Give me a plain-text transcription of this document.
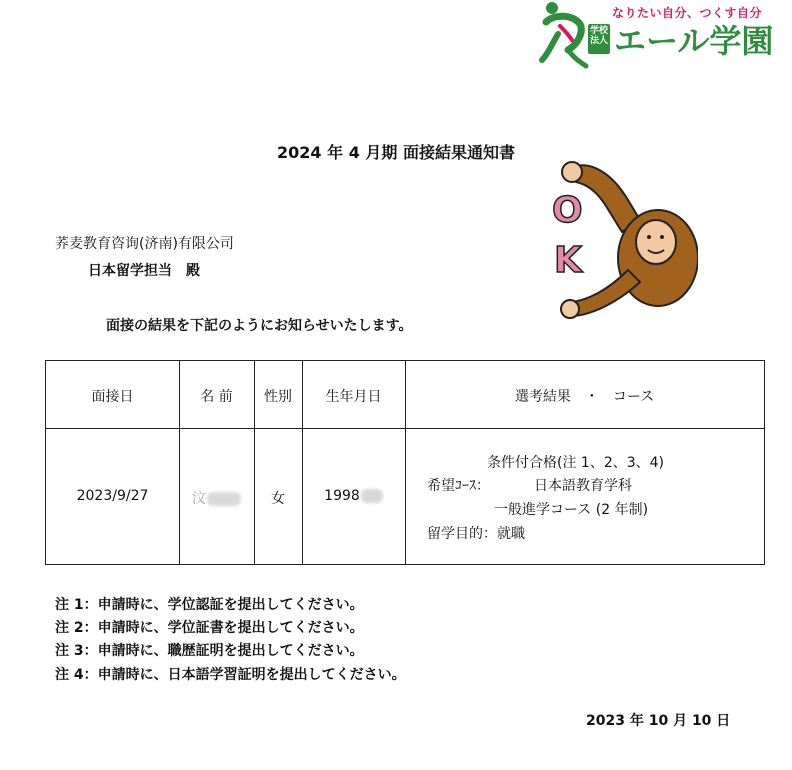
なりたい自分、つくす自分
学校法人 エール学園
2024 年 4 月期 面接結果通知書
O
K
荞麦教育咨询(济南)有限公司
日本留学担当　殿
面接の結果を下記のようにお知らせいたします。
面接日	名 前	性別	生年月日	選考結果　・　コース
2023/9/27	汶	女	1998
条件付合格(注 1、2、3、4)
希望ｺｰｽ：	日本語教育学科
一般進学コース (2 年制)
留学目的：就職
注 1：申請時に、学位認証を提出してください。
注 2：申請時に、学位証書を提出してください。
注 3：申請時に、職歴証明を提出してください。
注 4：申請時に、日本語学習証明を提出してください。
2023 年 10 月 10 日
